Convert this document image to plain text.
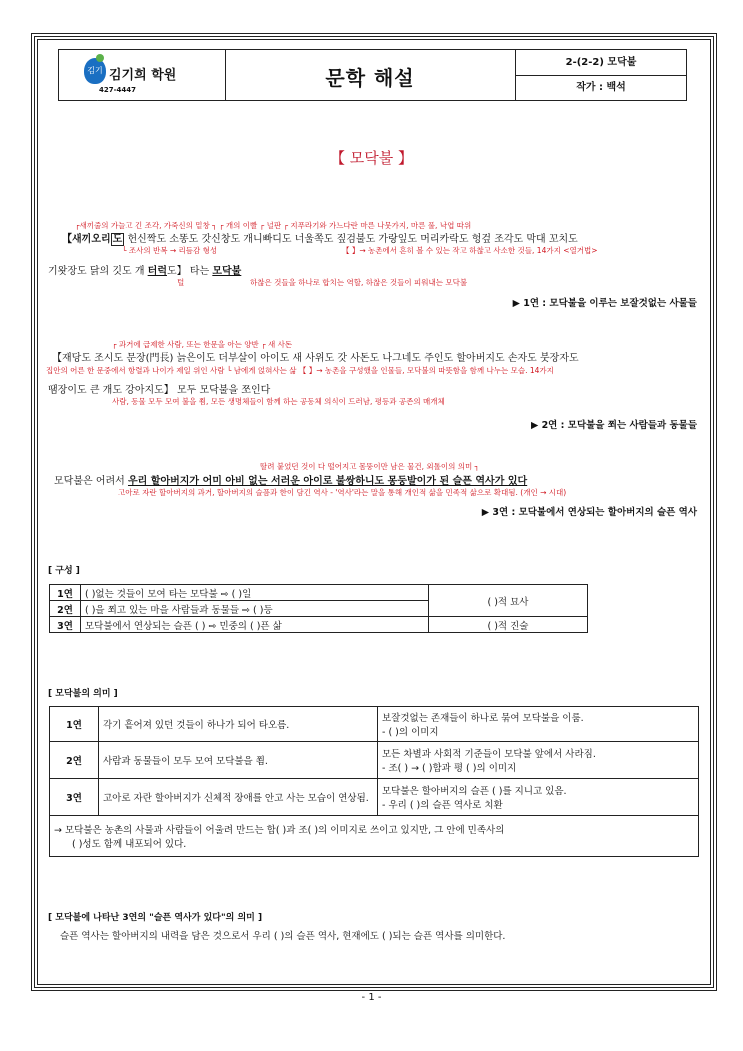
김기희
김기희 학원
427-4447	문학 해설
2-(2-2) 모닥불
작가 : 백석
【 모닥불 】
┌새끼줄의 가늘고 긴 조각, 가죽신의 밑창 ┐ ┌ 개의 이빨 ┌ 널판 ┌ 지푸라기와 가느다란 마른 나뭇가지, 마른 풀, 낙엽 따위
【새끼오리 도 헌신짝도 소똥도 갓신창도 개니빠디도 너울쪽도 짚검불도 가랑잎도 머리카락도 헝겊 조각도 막대 꼬치도
└ 조사의 반복 → 리듬감 형성	【 】→ 농촌에서 흔히 볼 수 있는 작고 하찮고 사소한 것들, 14가지 <열거법>
기왓장도 닭의 깃도 개 터럭도】 타는 모닥불
털	하찮은 것들을 하나로 합치는 역할, 하찮은 것들이 피워내는 모닥불
▶ 1연 : 모닥불을 이루는 보잘것없는 사물들
┌ 과거에 급제한 사람, 또는 한문을 아는 양반 ┌ 새 사돈
【재당도 조시도 문장(門長) 늙은이도 더부살이 아이도 새 사위도 갓 사돈도 나그네도 주인도 할아버지도 손자도 붓장자도
집안의 어른 한 문중에서 항렬과 나이가 제일 위인 사람 └ 남에게 얹혀사는 삶 【 】→ 농촌을 구성했을 인물들, 모닥불의 따뜻함을 함께 나누는 모습. 14가지
땜장이도 큰 개도 강아지도】 모두 모닥불을 쪼인다
사람, 동물 모두 모여 불을 쬠, 모든 생명체들이 함께 하는 공동체 의식이 드러남, 평등과 공존의 매개체
▶ 2연 : 모닥불을 쬐는 사람들과 동물들
딸려 붙었던 것이 다 떨어지고 몸뚱이만 남은 물건, 외톨이의 의미 ┐
모닥불은 어려서 우리 할아버지가 어미 아비 없는 서러운 아이로 불쌍하니도 몽둥발이가 된 슬픈 역사가 있다
고아로 자란 할아버지의 과거, 할아버지의 슬픔과 한이 담긴 역사 - '역사'라는 말을 통해 개인적 삶을 민족적 삶으로 확대됨. (개인 → 시대)
▶ 3연 : 모닥불에서 연상되는 할아버지의 슬픈 역사
[ 구성 ]
1연	( )없는 것들이 모여 타는 모닥불 ⇨ ( )일	( )적 묘사
2연	( )을 쬐고 있는 마을 사람들과 동물들 ⇨ ( )등	
3연	모닥불에서 연상되는 슬픈 ( ) ⇨ 민중의 ( )픈 삶	( )적 진술
[ 모닥불의 의미 ]
1연	각기 흩어져 있던 것들이 하나가 되어 타오름.	보잘것없는 존재들이 하나로 묶여 모닥불을 이룸.
- ( )의 이미지

2연	사람과 동물들이 모두 모여 모닥불을 쬠.	모든 차별과 사회적 기준들이 모닥불 앞에서 사라짐.
- 조( ) → ( )합과 평 ( )의 이미지

3연	고아로 자란 할아버지가 신체적 장애를 안고 사는 모습이 연상됨.	모닥불은 할아버지의 슬픈 ( )를 지니고 있음.
- 우리 ( )의 슬픈 역사로 치환

→ 모닥불은 농촌의 사물과 사람들이 어울려 만드는 합( )과 조( )의 이미지로 쓰이고 있지만, 그 안에 민족사의
( )성도 함께 내포되어 있다.		
[ 모닥불에 나타난 3연의 "슬픈 역사가 있다"의 의미 ]
슬픈 역사는 할아버지의 내력을 담은 것으로서 우리 ( )의 슬픈 역사, 현재에도 ( )되는 슬픈 역사를 의미한다.
- 1 -
